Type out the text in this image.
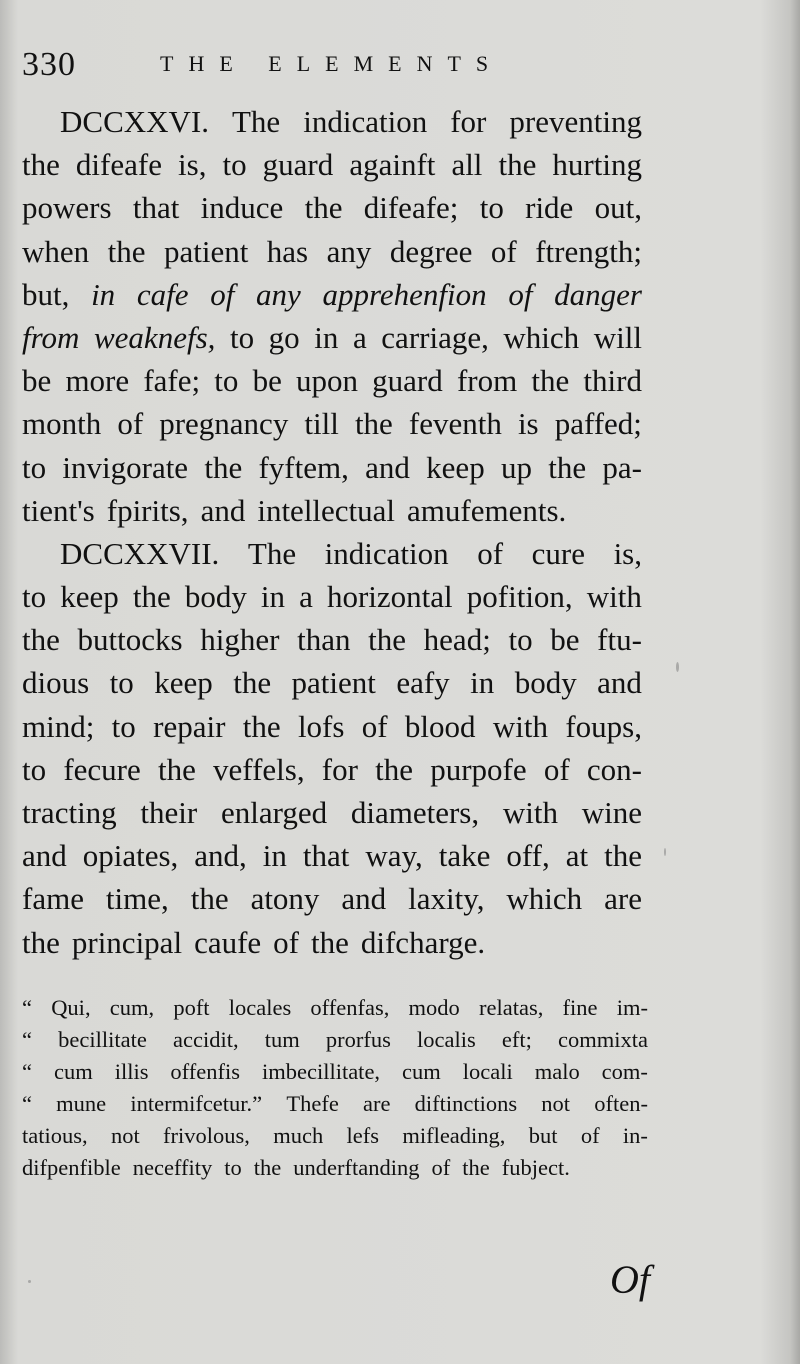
330	THE ELEMENTS
DCCXXVI. The indication for preventing
the difeafe is, to guard againft all the hurting
powers that induce the difeafe; to ride out,
when the patient has any degree of ftrength;
but, in cafe of any apprehenfion of danger
from weaknefs, to go in a carriage, which will
be more fafe; to be upon guard from the third
month of pregnancy till the feventh is paffed;
to invigorate the fyftem, and keep up the pa-
tient's fpirits, and intellectual amufements.
DCCXXVII. The indication of cure is,
to keep the body in a horizontal pofition, with
the buttocks higher than the head; to be ftu-
dious to keep the patient eafy in body and
mind; to repair the lofs of blood with foups,
to fecure the veffels, for the purpofe of con-
tracting their enlarged diameters, with wine
and opiates, and, in that way, take off, at the
fame time, the atony and laxity, which are
the principal caufe of the difcharge.
“ Qui, cum, poft locales offenfas, modo relatas, fine im-
“ becillitate accidit, tum prorfus localis eft; commixta
“ cum illis offenfis imbecillitate, cum locali malo com-
“ mune intermifcetur.” Thefe are diftinctions not often-
tatious, not frivolous, much lefs mifleading, but of in-
difpenfible neceffity to the underftanding of the fubject.
Of
